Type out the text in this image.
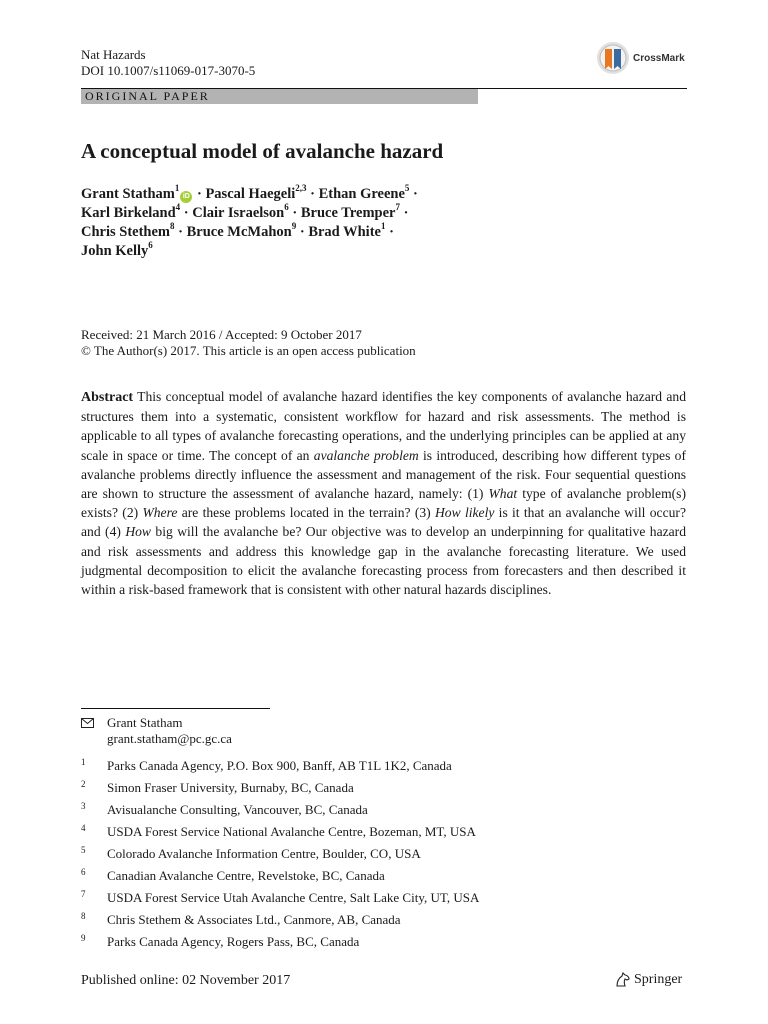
Nat Hazards
DOI 10.1007/s11069-017-3070-5
CrossMark
ORIGINAL PAPER
A conceptual model of avalanche hazard
Grant Statham$^1$iD · Pascal Haegeli$^{2,3}$ · Ethan Greene$^5$ ·
Karl Birkeland$^4$ · Clair Israelson$^6$ · Bruce Tremper$^7$ ·
Chris Stethem$^8$ · Bruce McMahon$^9$ · Brad White$^1$ ·
John Kelly$^6$
Received: 21 March 2016 / Accepted: 9 October 2017
© The Author(s) 2017. This article is an open access publication

Abstract This conceptual model of avalanche hazard identifies the key components of avalanche hazard and structures them into a systematic, consistent workflow for hazard and risk assessments. The method is applicable to all types of avalanche forecasting operations, and the underlying principles can be applied at any scale in space or time. The concept of an avalanche problem is introduced, describing how different types of avalanche problems directly influence the assessment and management of the risk. Four sequential questions are shown to structure the assessment of avalanche hazard, namely: (1) What type of avalanche problem(s) exists? (2) Where are these problems located in the terrain? (3) How likely is it that an avalanche will occur? and (4) How big will the avalanche be? Our objective was to develop an underpinning for qualitative hazard and risk assessments and address this knowledge gap in the avalanche forecasting literature. We used judgmental decomposition to elicit the avalanche forecasting process from forecasters and then described it within a risk-based framework that is consistent with other natural hazards disciplines.

Grant Statham
grant.statham@pc.gc.ca
1 Parks Canada Agency, P.O. Box 900, Banff, AB T1L 1K2, Canada
2 Simon Fraser University, Burnaby, BC, Canada
3 Avisualanche Consulting, Vancouver, BC, Canada
4 USDA Forest Service National Avalanche Centre, Bozeman, MT, USA
5 Colorado Avalanche Information Centre, Boulder, CO, USA
6 Canadian Avalanche Centre, Revelstoke, BC, Canada
7 USDA Forest Service Utah Avalanche Centre, Salt Lake City, UT, USA
8 Chris Stethem & Associates Ltd., Canmore, AB, Canada
9 Parks Canada Agency, Rogers Pass, BC, Canada
Published online: 02 November 2017	Springer
